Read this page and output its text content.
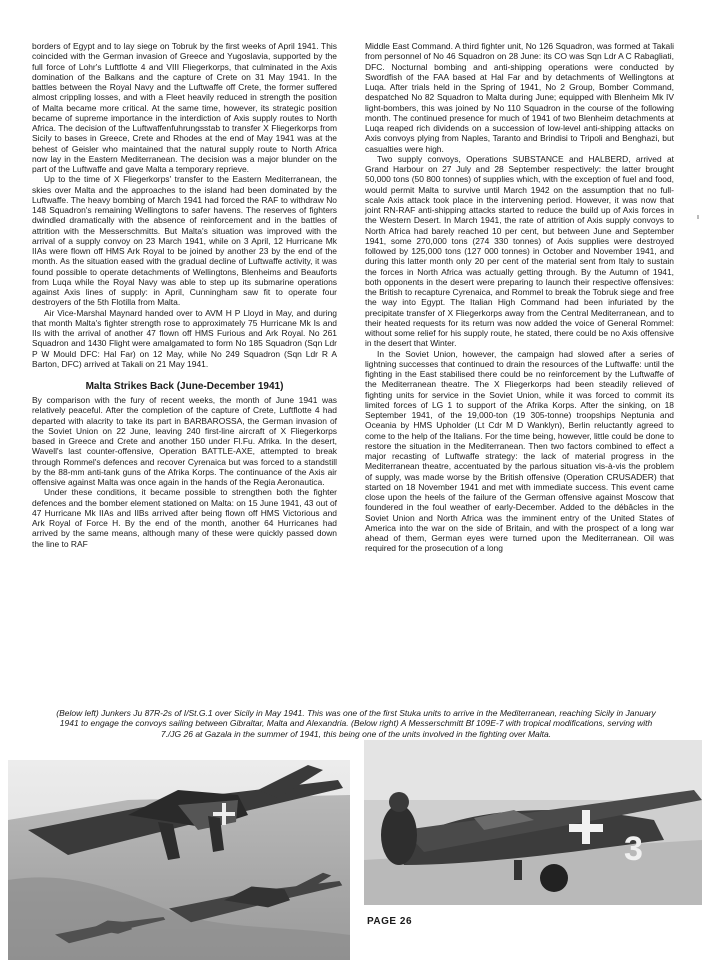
borders of Egypt and to lay siege on Tobruk by the first weeks of April 1941. This coincided with the German invasion of Greece and Yugoslavia, supported by the full force of Lohr's Luftflotte 4 and VIII Fliegerkorps, that culminated in the Axis domination of the Balkans and the capture of Crete on 31 May 1941. In the battles between the Royal Navy and the Luftwaffe off Crete, the former suffered almost crippling losses, and with a Fleet heavily reduced in strength the position of Malta became more critical. At the same time, however, its strategic position became of supreme importance in the interdiction of Axis supply routes to North Africa. The decision of the Luftwaffenfuhrungsstab to transfer X Fliegerkorps from Sicily to bases in Greece, Crete and Rhodes at the end of May 1941 was at the behest of Geisler who maintained that the natural supply route to North Africa now lay in the Eastern Mediterranean. The decision was a major blunder on the part of the Luftwaffe and gave Malta a temporary reprieve.

Up to the time of X Fliegerkorps' transfer to the Eastern Mediterranean, the skies over Malta and the approaches to the island had been dominated by the Luftwaffe. The heavy bombing of March 1941 had forced the RAF to withdraw No 148 Squadron's remaining Wellingtons to safer havens. The reserves of fighters dwindled dramatically with the absence of reinforcement and in the battles of attrition with the Messerschmitts. But Malta's situation was improved with the arrival of a supply convoy on 23 March 1941, while on 3 April, 12 Hurricane Mk IIAs were flown off HMS Ark Royal to be joined by another 23 by the end of the month. As the situation eased with the gradual decline of Luftwaffe activity, it was found possible to operate detachments of Wellingtons, Blenheims and Beauforts from Luqa while the Royal Navy was able to step up its submarine operations against Axis lines of supply: in April, Cunningham saw fit to operate four destroyers of the 5th Flotilla from Malta.

Air Vice-Marshal Maynard handed over to AVM H P Lloyd in May, and during that month Malta's fighter strength rose to approximately 75 Hurricane Mk Is and IIs with the arrival of another 47 flown off HMS Furious and Ark Royal. No 261 Squadron and 1430 Flight were amalgamated to form No 185 Squadron (Sqn Ldr P W Mould DFC: Hal Far) on 12 May, while No 249 Squadron (Sqn Ldr R A Barton, DFC) arrived at Takali on 21 May 1941.

Malta Strikes Back (June-December 1941)

By comparison with the fury of recent weeks, the month of June 1941 was relatively peaceful. After the completion of the capture of Crete, Luftflotte 4 had departed with alacrity to take its part in BARBAROSSA, the German invasion of the Soviet Union on 22 June, leaving 240 first-line aircraft of X Fliegerkorps based in Greece and Crete and another 150 under Fl.Fu. Afrika. In the desert, Wavell's last counter-offensive, Operation BATTLE-AXE, attempted to break through Rommel's defences and recover Cyrenaica but was forced to a standstill by the 88-mm anti-tank guns of the Afrika Korps. The continuance of the Axis air offensive against Malta was once again in the hands of the Regia Aeronautica.

Under these conditions, it became possible to strengthen both the fighter defences and the bomber element stationed on Malta: on 15 June 1941, 43 out of 47 Hurricane Mk IIAs and IIBs arrived after being flown off HMS Victorious and Ark Royal of Force H. By the end of the month, another 64 Hurricanes had arrived by the same means, although many of these were quickly passed down the line to RAF

Middle East Command. A third fighter unit, No 126 Squadron, was formed at Takali from personnel of No 46 Squadron on 28 June: its CO was Sqn Ldr A C Rabagliati, DFC. Nocturnal bombing and anti-shipping operations were conducted by Swordfish of the FAA based at Hal Far and by detachments of Wellingtons at Luqa. After trials held in the Spring of 1941, No 2 Group, Bomber Command, despatched No 82 Squadron to Malta during June; equipped with Blenheim Mk IV light-bombers, this was joined by No 110 Squadron in the course of the following month. The continued presence for much of 1941 of two Blenheim detachments at Luqa reaped rich dividends on a succession of low-level anti-shipping attacks on Axis convoys plying from Naples, Taranto and Brindisi to Tripoli and Benghazi, but casualties were high.

Two supply convoys, Operations SUBSTANCE and HALBERD, arrived at Grand Harbour on 27 July and 28 September respectively: the latter brought 50,000 tons (50 800 tonnes) of supplies which, with the exception of fuel and food, would permit Malta to survive until March 1942 on the assumption that no full-scale Axis attack took place in the intervening period. However, it was now that joint RN-RAF anti-shipping attacks started to reduce the build up of Axis forces in the Western Desert. In March 1941, the rate of attrition of Axis supply convoys to North Africa had barely reached 10 per cent, but between June and September 1941, some 270,000 tons (274 330 tonnes) of Axis supplies were destroyed followed by 125,000 tons (127 000 tonnes) in October and November 1941, and during this latter month only 20 per cent of the material sent from Italy to sustain the forces in North Africa was actually getting through. By the Autumn of 1941, both opponents in the desert were preparing to launch their respective offensives: the British to recapture Cyrenaica, and Rommel to break the Tobruk siege and free the way into Egypt. The Italian High Command had been infuriated by the precipitate transfer of X Fliegerkorps away from the Central Mediterranean, and to their heated requests for its return was now added the voice of General Rommel: without some relief for his supply route, he stated, there could be no Axis offensive in the desert that Winter.

In the Soviet Union, however, the campaign had slowed after a series of lightning successes that continued to drain the resources of the Luftwaffe: until the fighting in the East stabilised there could be no reinforcement by the Luftwaffe of the Mediterranean theatre. The X Fliegerkorps had been steadily relieved of fighting units for service in the Soviet Union, while it was forced to commit its limited forces of LG 1 to support of the Afrika Korps. After the sinking, on 18 September 1941, of the 19,000-ton (19 305-tonne) troopships Neptunia and Oceania by HMS Upholder (Lt Cdr M D Wanklyn), Berlin reluctantly agreed to come to the help of the Italians. For the time being, however, little could be done to restore the situation in the Mediterranean. Then two factors combined to effect a major recasting of Luftwaffe strategy: the lack of material progress in the Mediterranean theatre, accentuated by the parlous situation vis-à-vis the problem of supply, was made worse by the British offensive (Operation CRUSADER) that started on 18 November 1941 and met with immediate success. This event came close upon the heels of the failure of the German offensive against Moscow that foundered in the foul weather of early-December. Added to the débâcles in the Soviet Union and North Africa was the imminent entry of the United States of America into the war on the side of Britain, and with the prospect of a long war ahead of them, German eyes were turned upon the Mediterranean. Oil was required for the prosecution of a long

(Below left) Junkers Ju 87R-2s of I/St.G.1 over Sicily in May 1941. This was one of the first Stuka units to arrive in the Mediterranean, reaching Sicily in January 1941 to engage the convoys sailing between Gibraltar, Malta and Alexandria. (Below right) A Messerschmitt Bf 109E-7 with tropical modifications, serving with 7./JG 26 at Gazala in the summer of 1941, this being one of the units involved in the fighting over Malta.
3
PAGE 26
